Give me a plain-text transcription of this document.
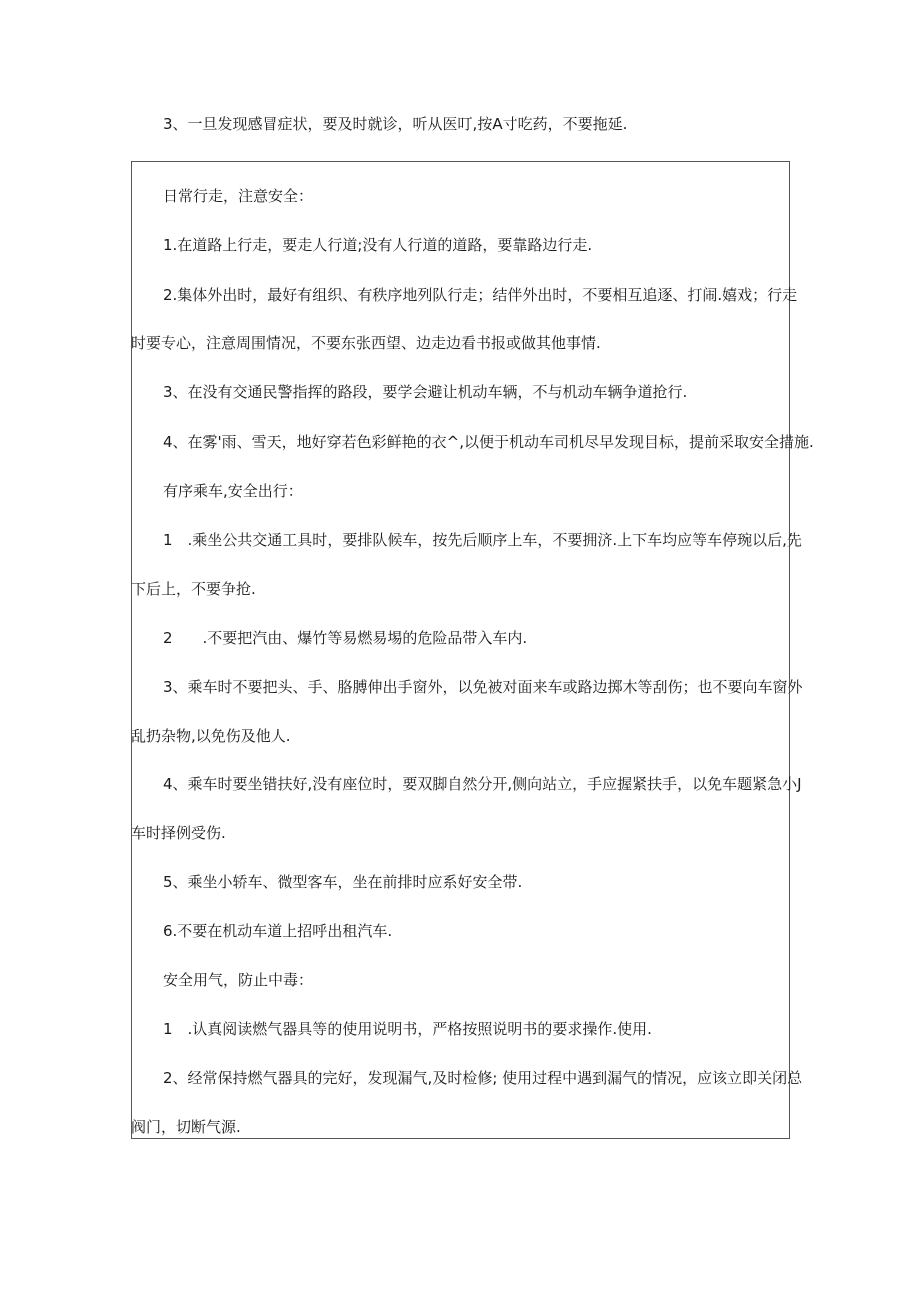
3、一旦发现感冒症状，要及时就诊，听从医叮,按A寸吃药，不要拖延.

日常行走，注意安全：

1.在道路上行走，要走人行道;没有人行道的道路，要靠路边行走.

2.集体外出时，最好有组织、有秩序地列队行走；结伴外出时，不要相互追逐、打闹.嬉戏；行走

时要专心，注意周围情况，不要东张西望、边走边看书报或做其他事情.

3、在没有交通民警指挥的路段，要学会避让机动车辆，不与机动车辆争道抢行.

4、在雾'雨、雪天，地好穿若色彩鲜艳的衣^,以便于机动车司机尽早发现目标，提前采取安全措施.

有序乘车,安全出行：

1　.乘坐公共交通工具时，要排队候车，按先后顺序上车，不要拥济.上下车均应等车停琬以后,先

下后上，不要争抢.

2　　.不要把汽由、爆竹等易燃易埸的危险品带入车内.

3、乘车时不要把头、手、胳膊伸出手窗外，以免被对面来车或路边掷木等刮伤；也不要向车窗外

乱扔杂物,以免伤及他人.

4、乘车时要坐错扶好,没有座位时，要双脚自然分开,侧向站立，手应握紧扶手，以免车题紧急小J

车时择例受伤.

5、乘坐小轿车、微型客车，坐在前排时应系好安全带.

6.不要在机动车道上招呼出租汽车.

安全用气，防止中毒：

1　.认真阅读燃气器具等的使用说明书，严格按照说明书的要求操作.使用.

2、经常保持燃气器具的完好，发现漏气,及时检修; 使用过程中遇到漏气的情况，应该立即关闭总

阀门，切断气源.
